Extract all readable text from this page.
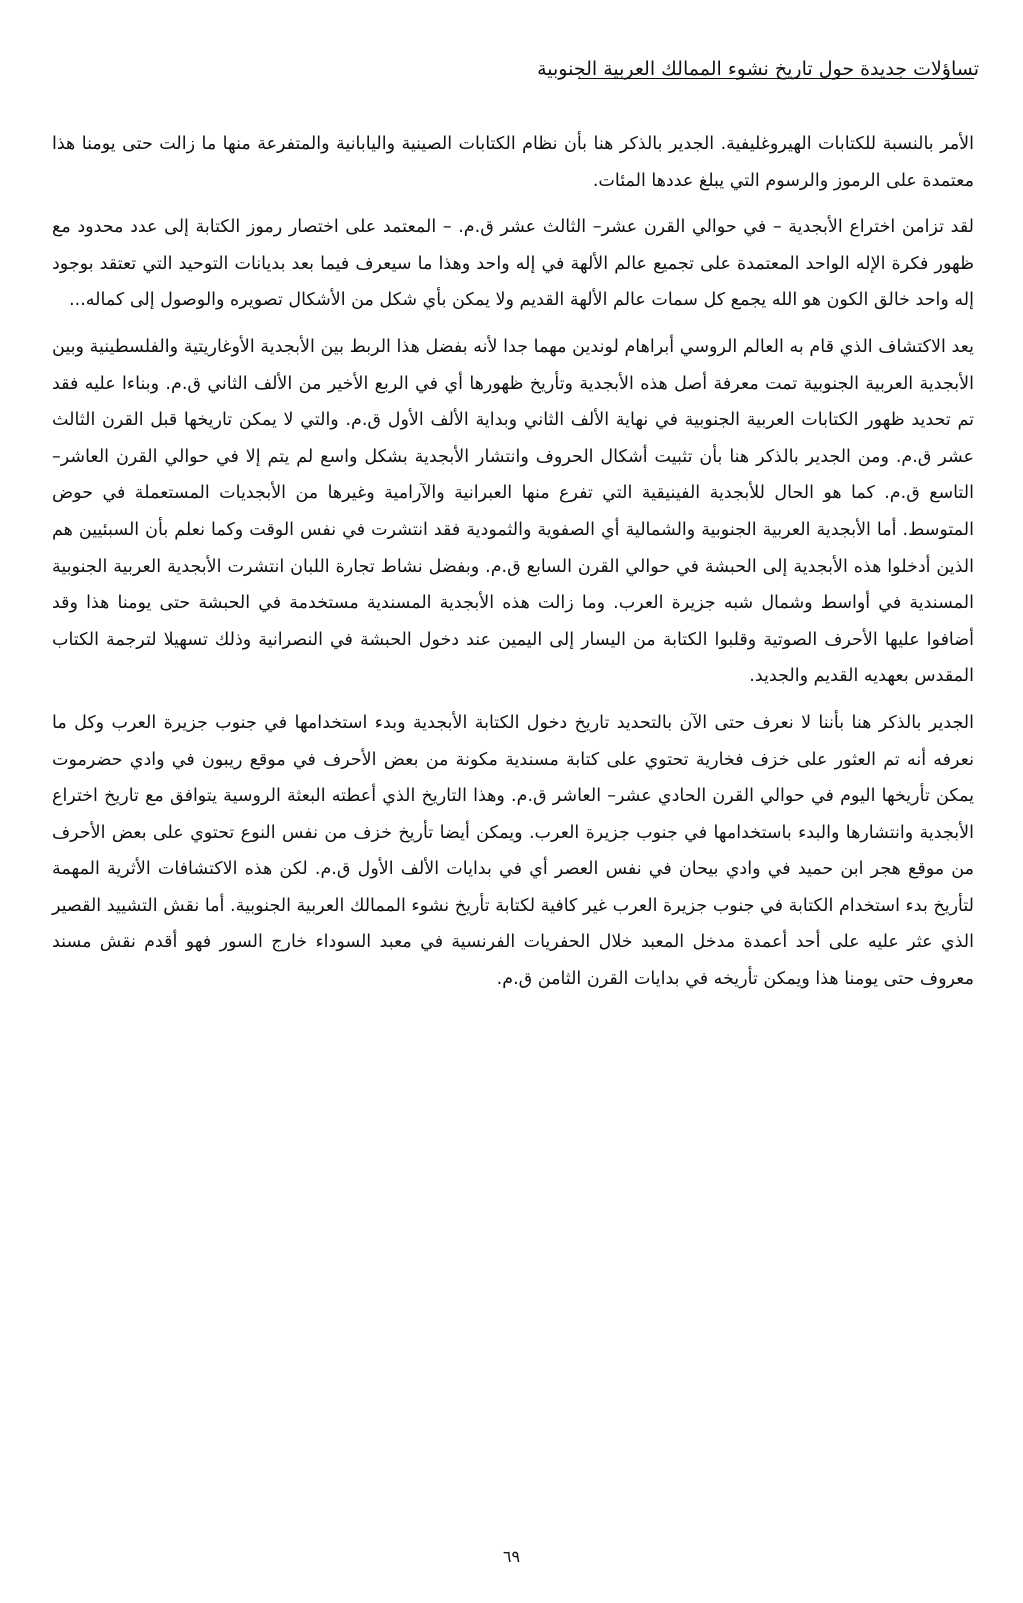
تساؤلات جديدة حول تاريخ نشوء الممالك العربية الجنوبية

الأمر بالنسبة للكتابات الهيروغليفية. الجدير بالذكر هنا بأن نظام الكتابات الصينية واليابانية والمتفرعة منها ما زالت حتى يومنا هذا معتمدة على الرموز والرسوم التي يبلغ عددها المئات.

لقد تزامن اختراع الأبجدية – في حوالي القرن عشر– الثالث عشر ق.م. – المعتمد على اختصار رموز الكتابة إلى عدد محدود مع ظهور فكرة الإله الواحد المعتمدة على تجميع عالم الألهة في إله واحد وهذا ما سيعرف فيما بعد بديانات التوحيد التي تعتقد بوجود إله واحد خالق الكون هو الله يجمع كل سمات عالم الألهة القديم ولا يمكن بأي شكل من الأشكال تصويره والوصول إلى كماله...

يعد الاكتشاف الذي قام به العالم الروسي أبراهام لوندين مهما جدا لأنه بفضل هذا الربط بين الأبجدية الأوغاريتية والفلسطينية وبين الأبجدية العربية الجنوبية تمت معرفة أصل هذه الأبجدية وتأريخ ظهورها أي في الربع الأخير من الألف الثاني ق.م. وبناءا عليه فقد تم تحديد ظهور الكتابات العربية الجنوبية في نهاية الألف الثاني وبداية الألف الأول ق.م. والتي لا يمكن تاريخها قبل القرن الثالث عشر ق.م. ومن الجدير بالذكر هنا بأن تثبيت أشكال الحروف وانتشار الأبجدية بشكل واسع لم يتم إلا في حوالي القرن العاشر– التاسع ق.م. كما هو الحال للأبجدية الفينيقية التي تفرع منها العبرانية والآرامية وغيرها من الأبجديات المستعملة في حوض المتوسط. أما الأبجدية العربية الجنوبية والشمالية أي الصفوية والثمودية فقد انتشرت في نفس الوقت وكما نعلم بأن السبئيين هم الذين أدخلوا هذه الأبجدية إلى الحبشة في حوالي القرن السابع ق.م. وبفضل نشاط تجارة اللبان انتشرت الأبجدية العربية الجنوبية المسندية في أواسط وشمال شبه جزيرة العرب. وما زالت هذه الأبجدية المسندية مستخدمة في الحبشة حتى يومنا هذا وقد أضافوا عليها الأحرف الصوتية وقلبوا الكتابة من اليسار إلى اليمين عند دخول الحبشة في النصرانية وذلك تسهيلا لترجمة الكتاب المقدس بعهديه القديم والجديد.

الجدير بالذكر هنا بأننا لا نعرف حتى الآن بالتحديد تاريخ دخول الكتابة الأبجدية وبدء استخدامها في جنوب جزيرة العرب وكل ما نعرفه أنه تم العثور على خزف فخارية تحتوي على كتابة مسندية مكونة من بعض الأحرف في موقع ريبون في وادي حضرموت يمكن تأريخها اليوم في حوالي القرن الحادي عشر– العاشر ق.م. وهذا التاريخ الذي أعطته البعثة الروسية يتوافق مع تاريخ اختراع الأبجدية وانتشارها والبدء باستخدامها في جنوب جزيرة العرب. ويمكن أيضا تأريخ خزف من نفس النوع تحتوي على بعض الأحرف من موقع هجر ابن حميد في وادي بيحان في نفس العصر أي في بدايات الألف الأول ق.م. لكن هذه الاكتشافات الأثرية المهمة لتأريخ بدء استخدام الكتابة في جنوب جزيرة العرب غير كافية لكتابة تأريخ نشوء الممالك العربية الجنوبية. أما نقش التشييد القصير الذي عثر عليه على أحد أعمدة مدخل المعبد خلال الحفريات الفرنسية في معبد السوداء خارج السور فهو أقدم نقش مسند معروف حتى يومنا هذا ويمكن تأريخه في بدايات القرن الثامن ق.م.

٦٩
